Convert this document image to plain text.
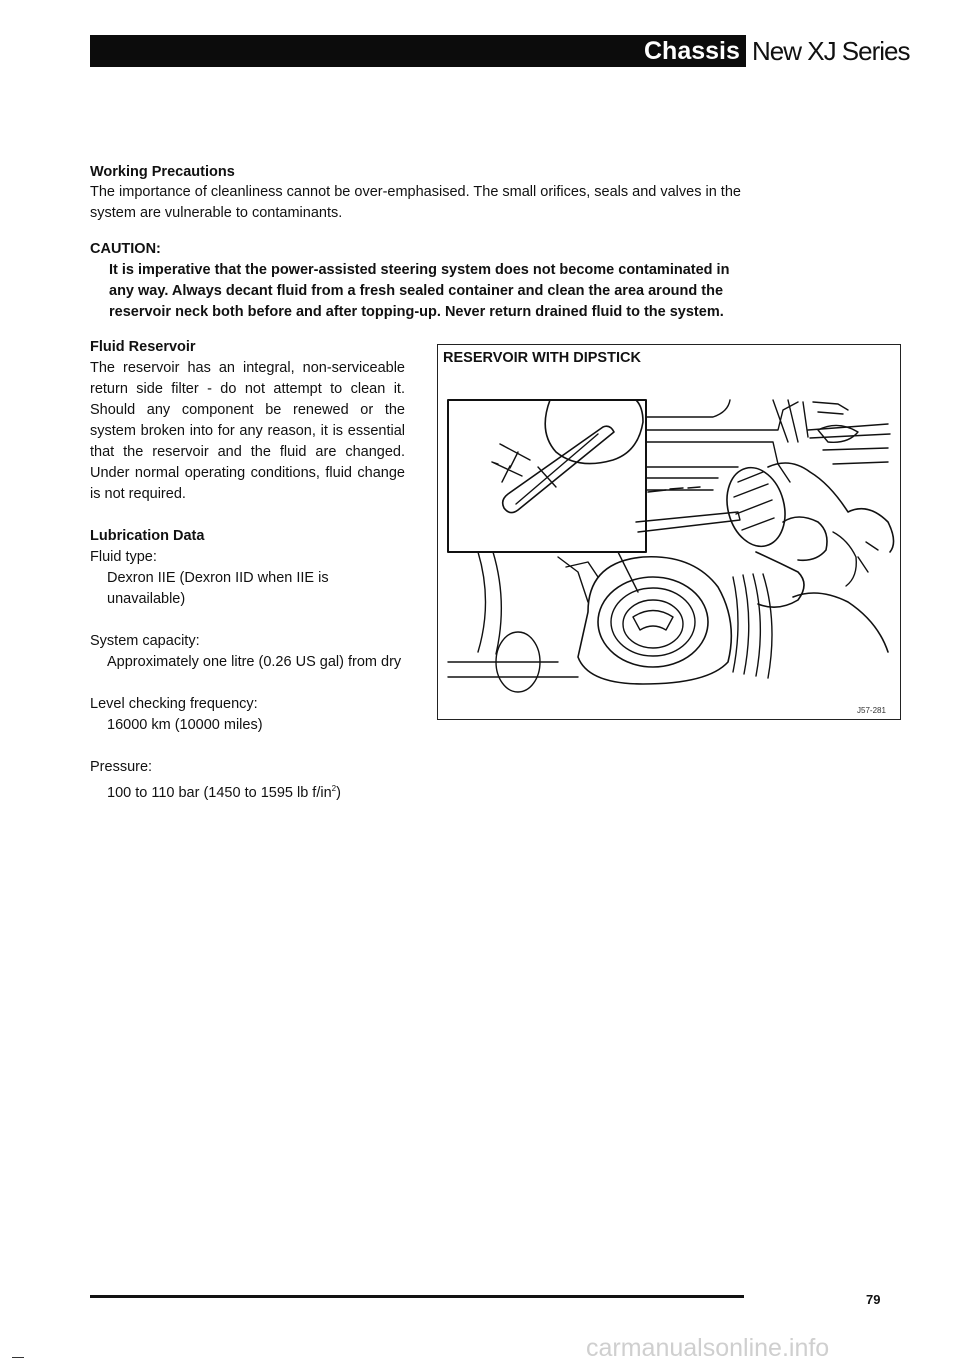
Chassis New XJ Series
Working Precautions
The importance of cleanliness cannot be over-emphasised. The small orifices, seals and valves in the
system are vulnerable to contaminants.
CAUTION:
It is imperative that the power-assisted steering system does not become contaminated in
any way. Always decant fluid from a fresh sealed container and clean the area around the
reservoir neck both before and after topping-up. Never return drained fluid to the system.

Fluid Reservoir

The reservoir has an integral, non-serviceable

return side filter - do not attempt to clean it.

Should any component be renewed or the

system broken into for any reason, it is essential

that the reservoir and the fluid are changed.

Under normal operating conditions, fluid change

is not required.

Lubrication Data

Fluid type:

Dexron IIE (Dexron IID when IIE is

unavailable)

System capacity:

Approximately one litre (0.26 US gal) from dry

Level checking frequency:

16000 km (10000 miles)

Pressure:

100 to 110 bar (1450 to 1595 lb $f/in^2$)

RESERVOIR WITH DIPSTICK
J57-281
79
carmanualsonline.info
